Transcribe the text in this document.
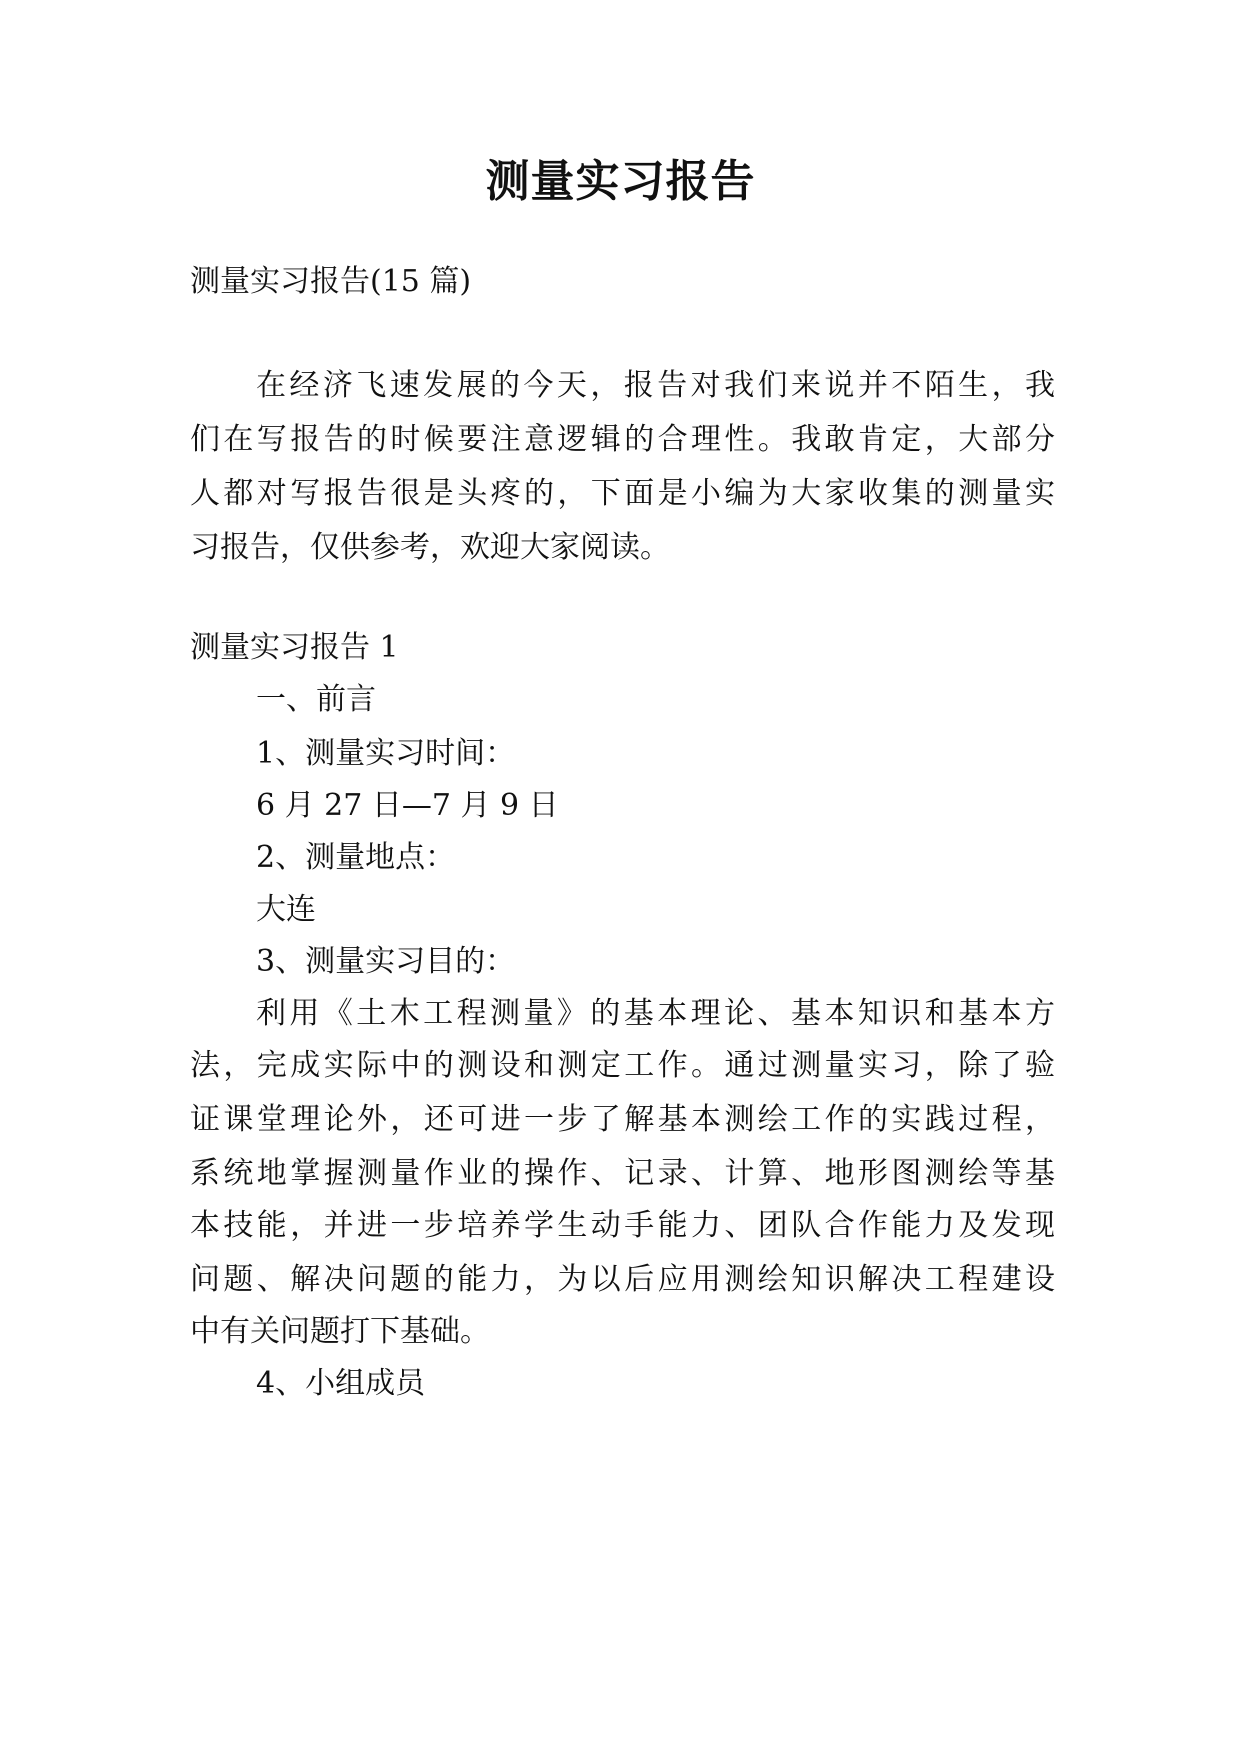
测量实习报告
测量实习报告(15 篇)
在经济飞速发展的今天，报告对我们来说并不陌生，我
们在写报告的时候要注意逻辑的合理性。我敢肯定，大部分
人都对写报告很是头疼的，下面是小编为大家收集的测量实
习报告，仅供参考，欢迎大家阅读。
测量实习报告 1
一、前言
1、测量实习时间：
6 月 27 日—7 月 9 日
2、测量地点：
大连
3、测量实习目的：
利用《土木工程测量》的基本理论、基本知识和基本方
法，完成实际中的测设和测定工作。通过测量实习，除了验
证课堂理论外，还可进一步了解基本测绘工作的实践过程，
系统地掌握测量作业的操作、记录、计算、地形图测绘等基
本技能，并进一步培养学生动手能力、团队合作能力及发现
问题、解决问题的能力，为以后应用测绘知识解决工程建设
中有关问题打下基础。
4、小组成员
